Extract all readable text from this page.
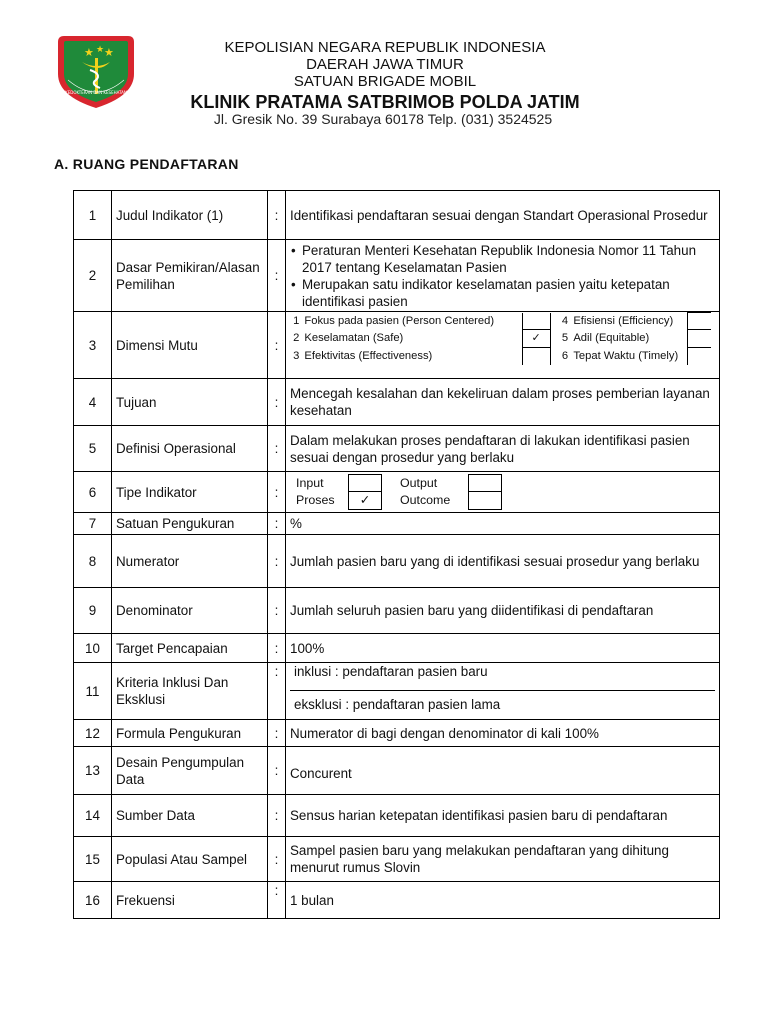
★ ★ ★
KEDOKTERAN DAN KESEHATAN
KEPOLISIAN NEGARA REPUBLIK INDONESIA
DAERAH JAWA TIMUR
SATUAN BRIGADE MOBIL
KLINIK PRATAMA SATBRIMOB POLDA JATIM
Jl. Gresik No. 39 Surabaya 60178 Telp. (031) 3524525
A. RUANG PENDAFTARAN
1	Judul Indikator (1)	:	Identifikasi pendaftaran sesuai dengan Standart Operasional Prosedur
2	Dasar Pemikiran/Alasan Pemilihan	:	
• Peraturan Menteri Kesehatan Republik Indonesia Nomor 11 Tahun 2017 tentang Keselamatan Pasien
• Merupakan satu indikator keselamatan pasien yaitu ketepatan identifikasi pasien

3	Dimensi Mutu	:	
1	Fokus pada pasien (Person Centered)		4	Efisiensi (Efficiency)	
2	Keselamatan (Safe)	✓	5	Adil (Equitable)	
3	Efektivitas (Effectiveness)		6	Tepat Waktu (Timely)	

4	Tujuan	:	Mencegah kesalahan dan kekeliruan dalam proses pemberian layanan kesehatan
5	Definisi Operasional	:	Dalam melakukan proses pendaftaran di lakukan identifikasi pasien sesuai dengan prosedur yang berlaku
6	Tipe Indikator	:	
Input		Output	
Proses	✓	Outcome	

7	Satuan Pengukuran	:	%
8	Numerator	:	Jumlah pasien baru yang di identifikasi sesuai prosedur yang berlaku
9	Denominator	:	Jumlah seluruh pasien baru yang diidentifikasi di pendaftaran
10	Target Pencapaian	:	100%
11	Kriteria Inklusi Dan Eksklusi	:	inklusi : pendaftaran pasien baru
eksklusi : pendaftaran pasien lama

12	Formula Pengukuran	:	Numerator di bagi dengan denominator di kali 100%
13	Desain Pengumpulan Data	:	Concurent
14	Sumber Data	:	Sensus harian ketepatan identifikasi pasien baru di pendaftaran
15	Populasi Atau Sampel	:	Sampel pasien baru yang melakukan pendaftaran yang dihitung menurut rumus Slovin
16	Frekuensi	:	1 bulan
